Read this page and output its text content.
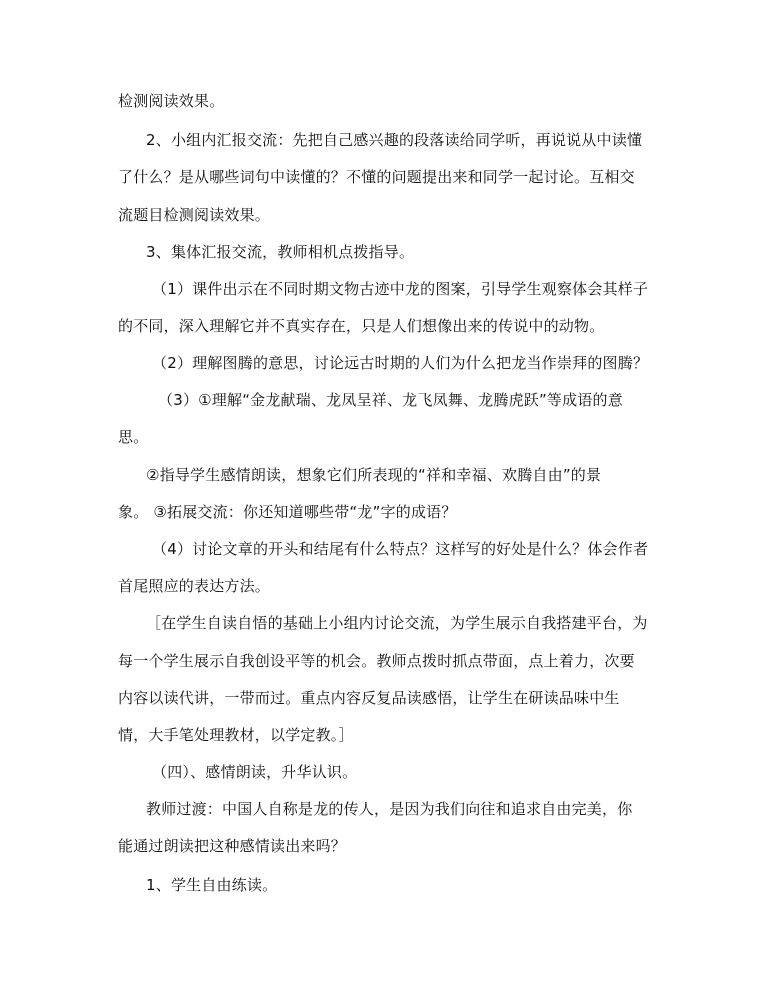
检测阅读效果。
2、小组内汇报交流：先把自己感兴趣的段落读给同学听，再说说从中读懂
了什么？是从哪些词句中读懂的？不懂的问题提出来和同学一起讨论。互相交
流题目检测阅读效果。
3、集体汇报交流，教师相机点拨指导。
（1）课件出示在不同时期文物古迹中龙的图案，引导学生观察体会其样子
的不同，深入理解它并不真实存在，只是人们想像出来的传说中的动物。
（2）理解图腾的意思，讨论远古时期的人们为什么把龙当作崇拜的图腾？
（3）①理解“金龙献瑞、龙凤呈祥、龙飞凤舞、龙腾虎跃”等成语的意
思。
②指导学生感情朗读，想象它们所表现的“祥和幸福、欢腾自由”的景
象。 ③拓展交流：你还知道哪些带“龙”字的成语？
（4）讨论文章的开头和结尾有什么特点？这样写的好处是什么？体会作者
首尾照应的表达方法。
［在学生自读自悟的基础上小组内讨论交流，为学生展示自我搭建平台，为
每一个学生展示自我创设平等的机会。教师点拨时抓点带面，点上着力，次要
内容以读代讲，一带而过。重点内容反复品读感悟，让学生在研读品味中生
情，大手笔处理教材，以学定教。］
（四）、感情朗读，升华认识。
教师过渡：中国人自称是龙的传人，是因为我们向往和追求自由完美，你
能通过朗读把这种感情读出来吗？
1、学生自由练读。
